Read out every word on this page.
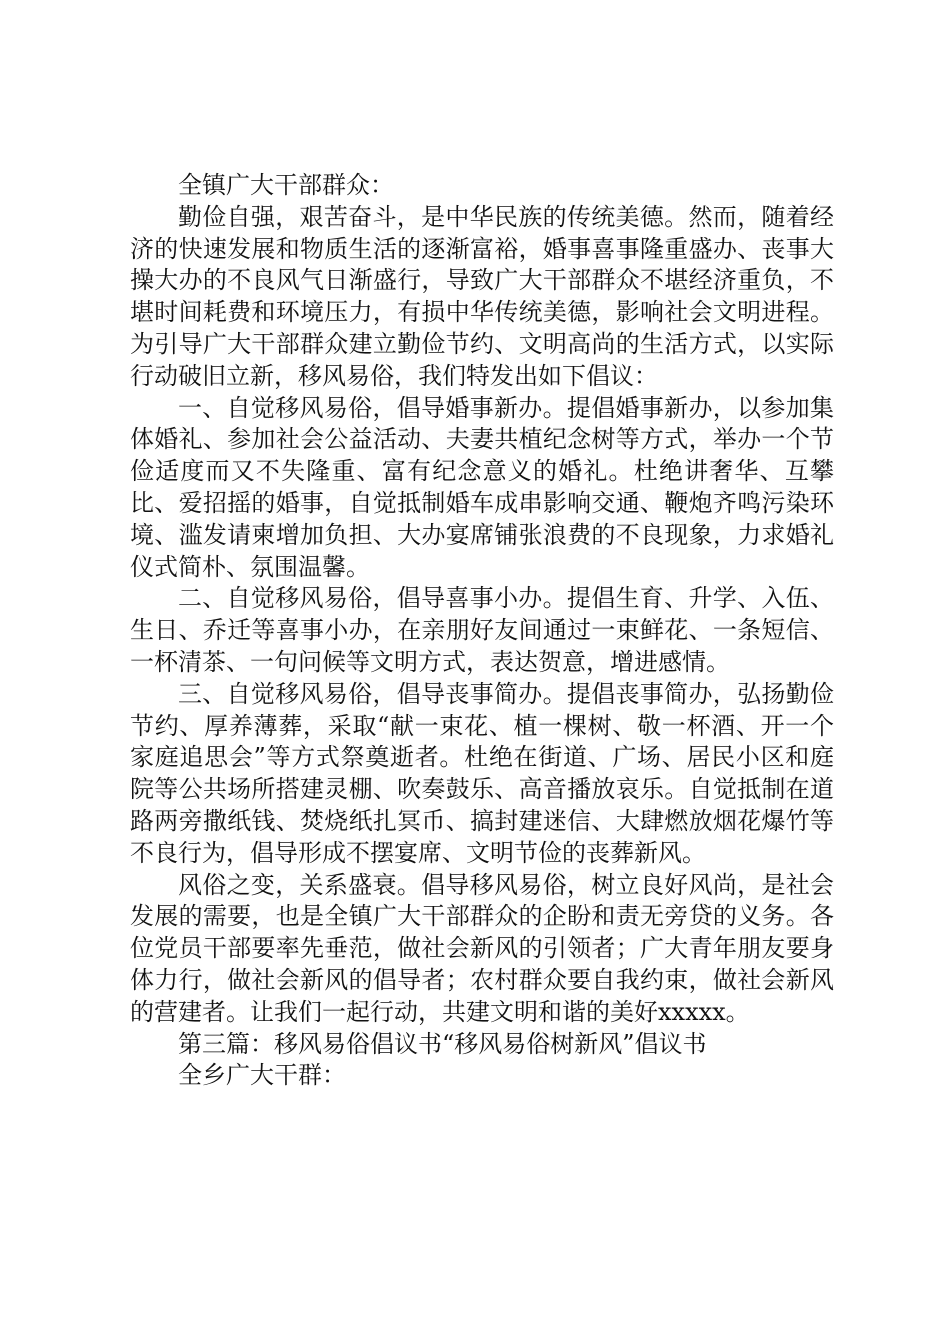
全镇广大干部群众：

勤俭自强，艰苦奋斗，是中华民族的传统美德。然而，随着经济的快速发展和物质生活的逐渐富裕，婚事喜事隆重盛办、丧事大操大办的不良风气日渐盛行，导致广大干部群众不堪经济重负，不堪时间耗费和环境压力，有损中华传统美德，影响社会文明进程。为引导广大干部群众建立勤俭节约、文明高尚的生活方式，以实际行动破旧立新，移风易俗，我们特发出如下倡议：

一、自觉移风易俗，倡导婚事新办。提倡婚事新办，以参加集体婚礼、参加社会公益活动、夫妻共植纪念树等方式，举办一个节俭适度而又不失隆重、富有纪念意义的婚礼。杜绝讲奢华、互攀比、爱招摇的婚事，自觉抵制婚车成串影响交通、鞭炮齐鸣污染环境、滥发请柬增加负担、大办宴席铺张浪费的不良现象，力求婚礼仪式简朴、氛围温馨。

二、自觉移风易俗，倡导喜事小办。提倡生育、升学、入伍、生日、乔迁等喜事小办，在亲朋好友间通过一束鲜花、一条短信、一杯清茶、一句问候等文明方式，表达贺意，增进感情。

三、自觉移风易俗，倡导丧事简办。提倡丧事简办，弘扬勤俭节约、厚养薄葬，采取“献一束花、植一棵树、敬一杯酒、开一个家庭追思会”等方式祭奠逝者。杜绝在街道、广场、居民小区和庭院等公共场所搭建灵棚、吹奏鼓乐、高音播放哀乐。自觉抵制在道路两旁撒纸钱、焚烧纸扎冥币、搞封建迷信、大肆燃放烟花爆竹等不良行为，倡导形成不摆宴席、文明节俭的丧葬新风。

风俗之变，关系盛衰。倡导移风易俗，树立良好风尚，是社会发展的需要，也是全镇广大干部群众的企盼和责无旁贷的义务。各位党员干部要率先垂范，做社会新风的引领者；广大青年朋友要身体力行，做社会新风的倡导者；农村群众要自我约束，做社会新风的营建者。让我们一起行动，共建文明和谐的美好xxxxx。

第三篇：移风易俗倡议书“移风易俗树新风”倡议书

全乡广大干群：
